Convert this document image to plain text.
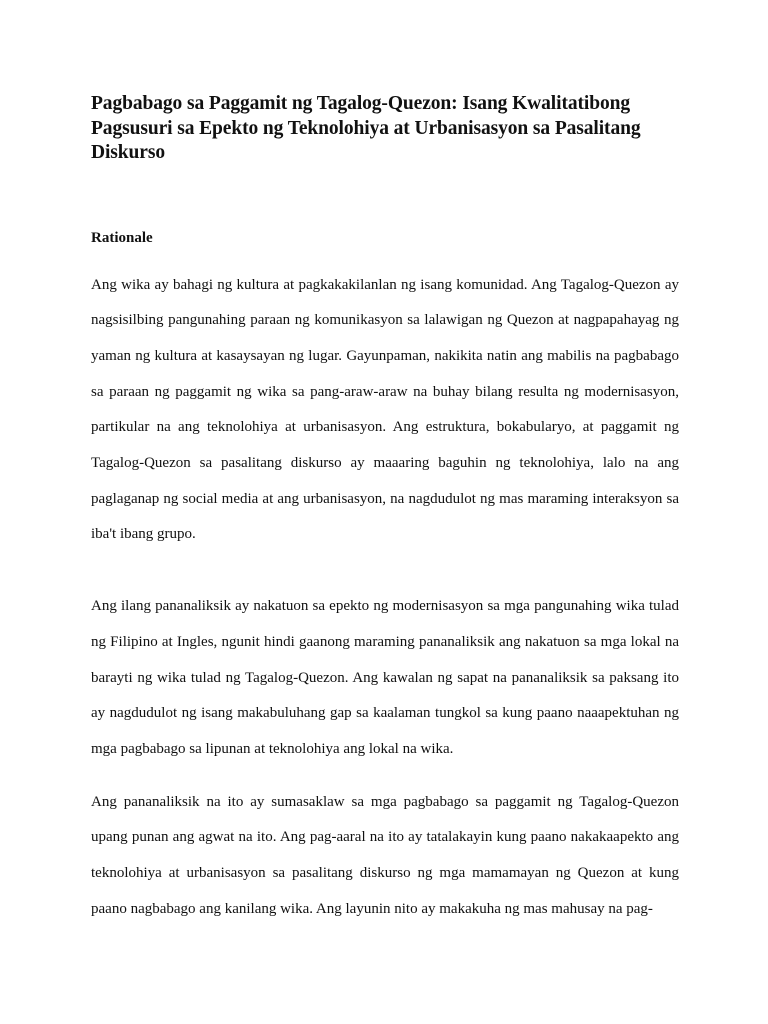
Pagbabago sa Paggamit ng Tagalog-Quezon: Isang Kwalitatibong Pagsusuri sa Epekto ng Teknolohiya at Urbanisasyon sa Pasalitang Diskurso
Rationale

Ang wika ay bahagi ng kultura at pagkakakilanlan ng isang komunidad. Ang Tagalog-Quezon ay nagsisilbing pangunahing paraan ng komunikasyon sa lalawigan ng Quezon at nagpapahayag ng yaman ng kultura at kasaysayan ng lugar. Gayunpaman, nakikita natin ang mabilis na pagbabago sa paraan ng paggamit ng wika sa pang-araw-araw na buhay bilang resulta ng modernisasyon, partikular na ang teknolohiya at urbanisasyon. Ang estruktura, bokabularyo, at paggamit ng Tagalog-Quezon sa pasalitang diskurso ay maaaring baguhin ng teknolohiya, lalo na ang paglaganap ng social media at ang urbanisasyon, na nagdudulot ng mas maraming interaksyon sa iba't ibang grupo.

Ang ilang pananaliksik ay nakatuon sa epekto ng modernisasyon sa mga pangunahing wika tulad ng Filipino at Ingles, ngunit hindi gaanong maraming pananaliksik ang nakatuon sa mga lokal na barayti ng wika tulad ng Tagalog-Quezon. Ang kawalan ng sapat na pananaliksik sa paksang ito ay nagdudulot ng isang makabuluhang gap sa kaalaman tungkol sa kung paano naaapektuhan ng mga pagbabago sa lipunan at teknolohiya ang lokal na wika.

Ang pananaliksik na ito ay sumasaklaw sa mga pagbabago sa paggamit ng Tagalog-Quezon upang punan ang agwat na ito. Ang pag-aaral na ito ay tatalakayin kung paano nakakaapekto ang teknolohiya at urbanisasyon sa pasalitang diskurso ng mga mamamayan ng Quezon at kung paano nagbabago ang kanilang wika. Ang layunin nito ay makakuha ng mas mahusay na pag-
